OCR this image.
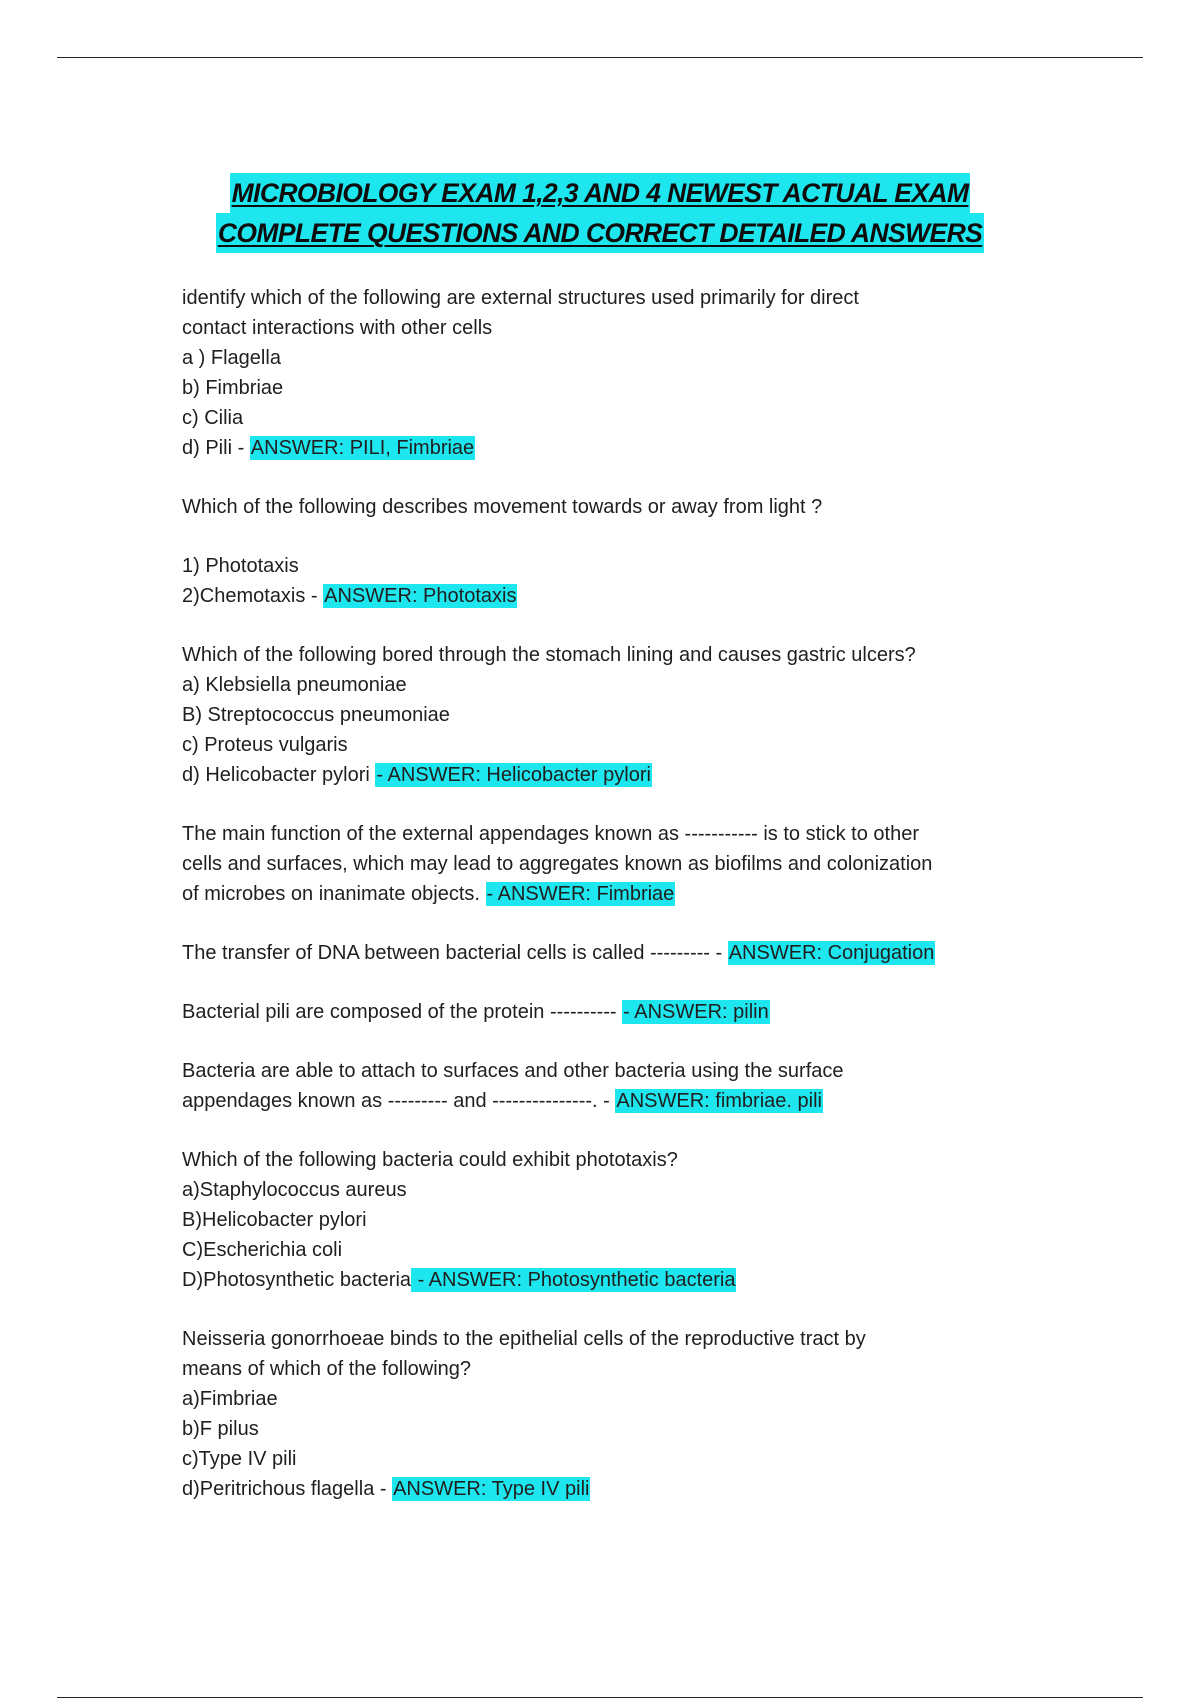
MICROBIOLOGY EXAM 1,2,3 AND 4 NEWEST ACTUAL EXAM
COMPLETE QUESTIONS AND CORRECT DETAILED ANSWERS
identify which of the following are external structures used primarily for direct
contact interactions with other cells
a ) Flagella
b) Fimbriae
c) Cilia
d) Pili - ANSWER: PILI, Fimbriae
Which of the following describes movement towards or away from light ?
1) Phototaxis
2)Chemotaxis - ANSWER: Phototaxis
Which of the following bored through the stomach lining and causes gastric ulcers?
a) Klebsiella pneumoniae
B) Streptococcus pneumoniae
c) Proteus vulgaris
d) Helicobacter pylori - ANSWER: Helicobacter pylori
The main function of the external appendages known as ----------- is to stick to other
cells and surfaces, which may lead to aggregates known as biofilms and colonization
of microbes on inanimate objects. - ANSWER: Fimbriae
The transfer of DNA between bacterial cells is called --------- - ANSWER: Conjugation
Bacterial pili are composed of the protein ---------- - ANSWER: pilin
Bacteria are able to attach to surfaces and other bacteria using the surface
appendages known as --------- and ---------------. - ANSWER: fimbriae. pili
Which of the following bacteria could exhibit phototaxis?
a)Staphylococcus aureus
B)Helicobacter pylori
C)Escherichia coli
D)Photosynthetic bacteria - ANSWER: Photosynthetic bacteria
Neisseria gonorrhoeae binds to the epithelial cells of the reproductive tract by
means of which of the following?
a)Fimbriae
b)F pilus
c)Type IV pili
d)Peritrichous flagella - ANSWER: Type IV pili
